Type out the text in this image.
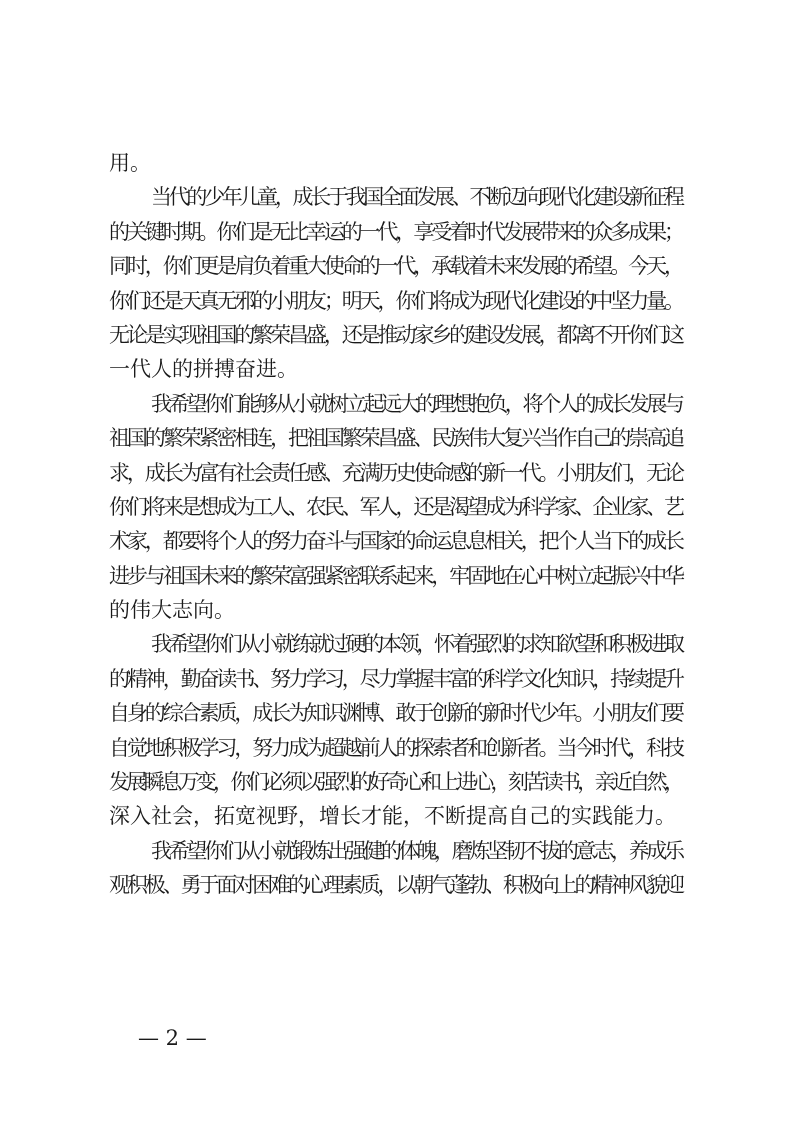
用。
当代的少年儿童，成长于我国全面发展、不断迈向现代化建设新征程
的关键时期。你们是无比幸运的一代，享受着时代发展带来的众多成果；
同时，你们更是肩负着重大使命的一代，承载着未来发展的希望。今天，
你们还是天真无邪的小朋友；明天，你们将成为现代化建设的中坚力量。
无论是实现祖国的繁荣昌盛，还是推动家乡的建设发展，都离不开你们这
一代人的拼搏奋进。
我希望你们能够从小就树立起远大的理想抱负，将个人的成长发展与
祖国的繁荣紧密相连，把祖国繁荣昌盛、民族伟大复兴当作自己的崇高追
求，成长为富有社会责任感、充满历史使命感的新一代。小朋友们，无论
你们将来是想成为工人、农民、军人，还是渴望成为科学家、企业家、艺
术家，都要将个人的努力奋斗与国家的命运息息相关，把个人当下的成长
进步与祖国未来的繁荣富强紧密联系起来，牢固地在心中树立起振兴中华
的伟大志向。
我希望你们从小就练就过硬的本领，怀着强烈的求知欲望和积极进取
的精神，勤奋读书、努力学习，尽力掌握丰富的科学文化知识，持续提升
自身的综合素质，成长为知识渊博、敢于创新的新时代少年。小朋友们要
自觉地积极学习，努力成为超越前人的探索者和创新者。当今时代，科技
发展瞬息万变，你们必须以强烈的好奇心和上进心，刻苦读书，亲近自然，
深入社会，拓宽视野，增长才能，不断提高自己的实践能力。
我希望你们从小就锻炼出强健的体魄，磨炼坚韧不拔的意志，养成乐
观积极、勇于面对困难的心理素质，以朝气蓬勃、积极向上的精神风貌迎
— 2 —
